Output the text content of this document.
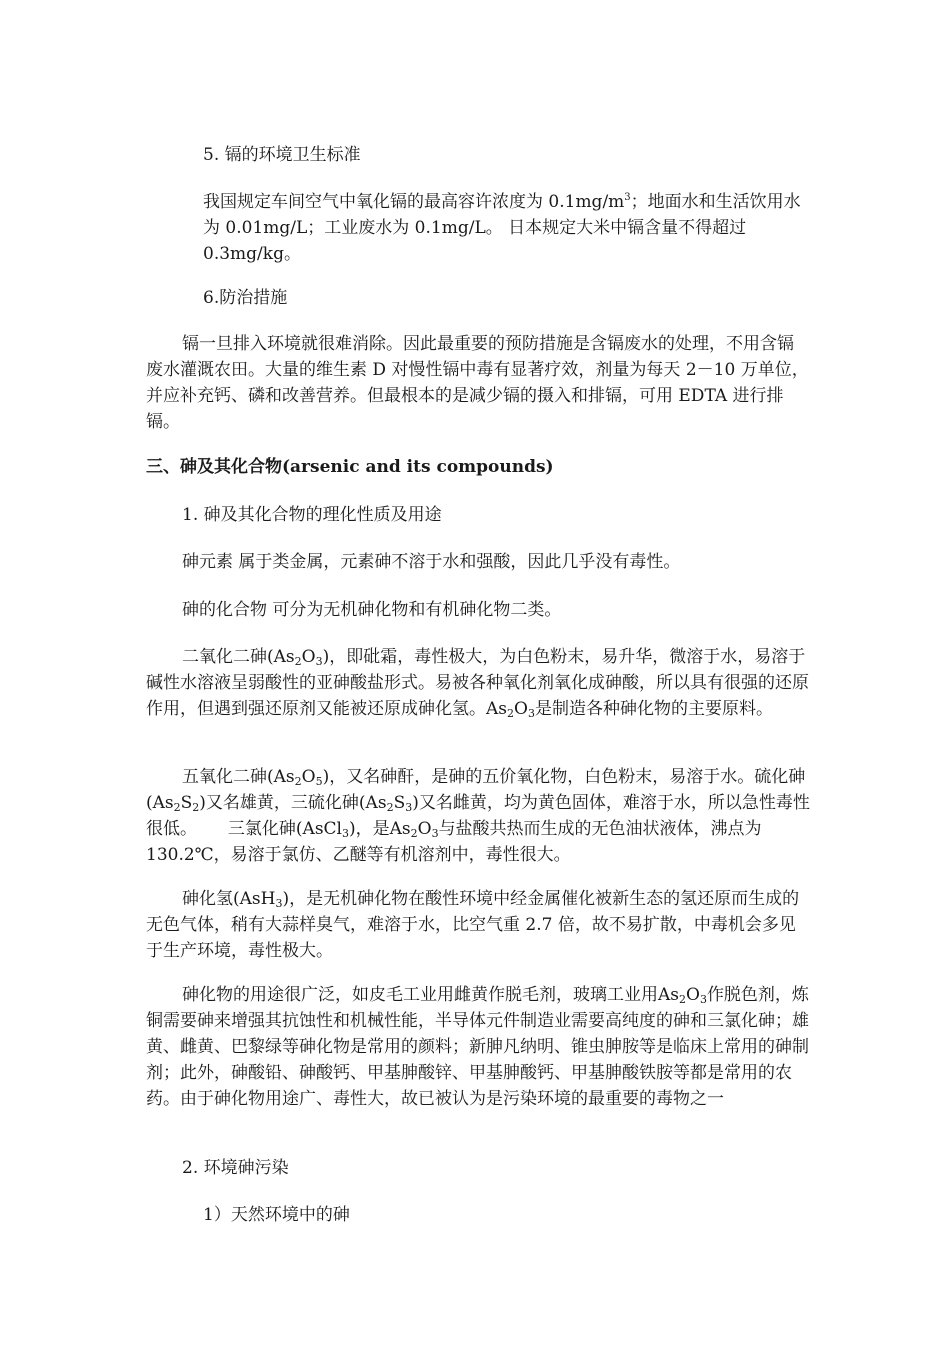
5. 镉的环境卫生标准

我国规定车间空气中氧化镉的最高容许浓度为 $0.1mg/m^3$；地面水和生活饮用水为 0.01mg/L；工业废水为 0.1mg/L。 日本规定大米中镉含量不得超过 0.3mg/kg。

6.防治措施

镉一旦排入环境就很难消除。因此最重要的预防措施是含镉废水的处理，不用含镉废水灌溉农田。大量的维生素 D 对慢性镉中毒有显著疗效，剂量为每天 2－10 万单位，并应补充钙、磷和改善营养。但最根本的是减少镉的摄入和排镉，可用 EDTA 进行排镉。

三、砷及其化合物(arsenic and its compounds)

1. 砷及其化合物的理化性质及用途

砷元素 属于类金属，元素砷不溶于水和强酸，因此几乎没有毒性。

砷的化合物 可分为无机砷化物和有机砷化物二类。

二氧化二砷$(As_2O_3)$，即砒霜，毒性极大，为白色粉末，易升华，微溶于水，易溶于碱性水溶液呈弱酸性的亚砷酸盐形式。易被各种氧化剂氧化成砷酸，所以具有很强的还原作用，但遇到强还原剂又能被还原成砷化氢。$As_2O_3$是制造各种砷化物的主要原料。

五氧化二砷$(As_2O_5)$，又名砷酐，是砷的五价氧化物，白色粉末，易溶于水。硫化砷$(As_2S_2)$又名雄黄，三硫化砷$(As_2S_3)$又名雌黄，均为黄色固体，难溶于水，所以急性毒性很低。　　 三氯化砷(AsCl$_3$)，是$As_2O_3$与盐酸共热而生成的无色油状液体，沸点为 130.2℃，易溶于氯仿、乙醚等有机溶剂中，毒性很大。

砷化氢(AsH$_3$)，是无机砷化物在酸性环境中经金属催化被新生态的氢还原而生成的无色气体，稍有大蒜样臭气，难溶于水，比空气重 2.7 倍，故不易扩散，中毒机会多见于生产环境，毒性极大。

砷化物的用途很广泛，如皮毛工业用雌黄作脱毛剂，玻璃工业用$As_2O_3$作脱色剂，炼铜需要砷来增强其抗蚀性和机械性能，半导体元件制造业需要高纯度的砷和三氯化砷；雄黄、雌黄、巴黎绿等砷化物是常用的颜料；新胂凡纳明、锥虫胂胺等是临床上常用的砷制剂；此外，砷酸铅、砷酸钙、甲基胂酸锌、甲基胂酸钙、甲基胂酸铁胺等都是常用的农药。由于砷化物用途广、毒性大，故已被认为是污染环境的最重要的毒物之一

2. 环境砷污染

1）天然环境中的砷
